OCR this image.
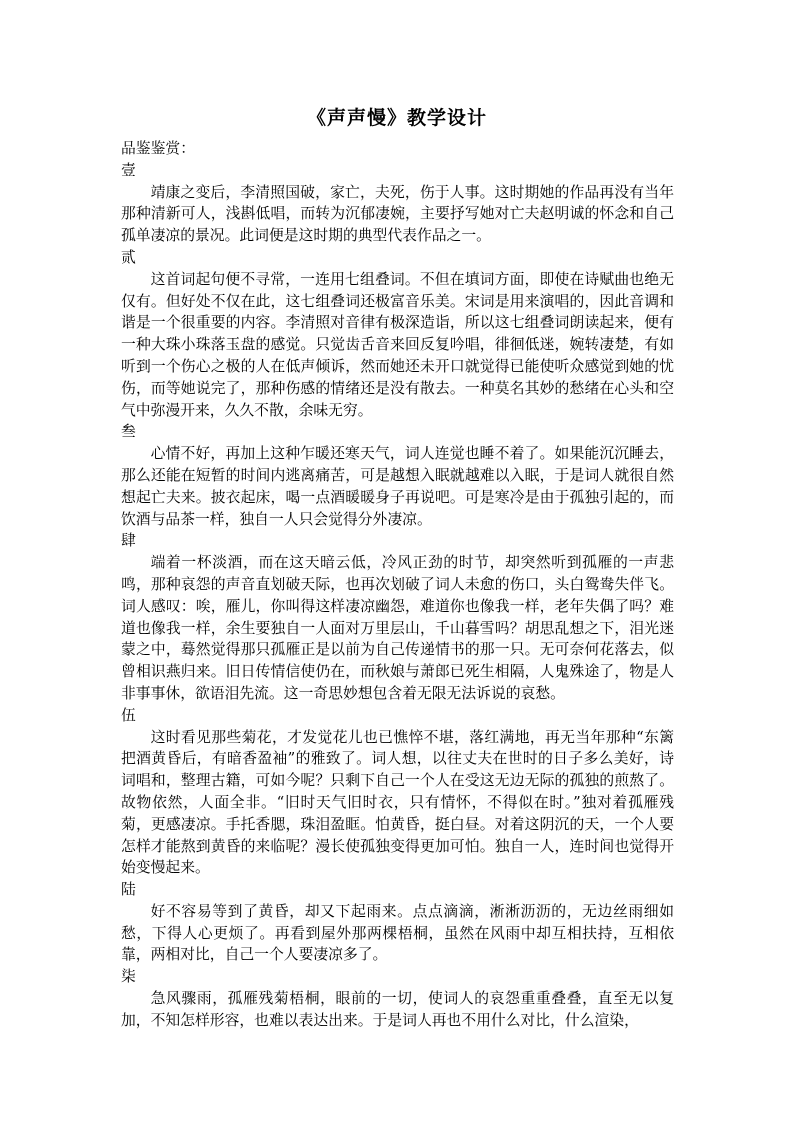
《声声慢》教学设计

品鉴鉴赏：

壹

靖康之变后，李清照国破，家亡，夫死，伤于人事。这时期她的作品再没有当年那种清新可人，浅斟低唱，而转为沉郁凄婉，主要抒写她对亡夫赵明诚的怀念和自己孤单凄凉的景况。此词便是这时期的典型代表作品之一。

贰

这首词起句便不寻常，一连用七组叠词。不但在填词方面，即使在诗赋曲也绝无仅有。但好处不仅在此，这七组叠词还极富音乐美。宋词是用来演唱的，因此音调和谐是一个很重要的内容。李清照对音律有极深造诣，所以这七组叠词朗读起来，便有一种大珠小珠落玉盘的感觉。只觉齿舌音来回反复吟唱，徘徊低迷，婉转凄楚，有如听到一个伤心之极的人在低声倾诉，然而她还未开口就觉得已能使听众感觉到她的忧伤，而等她说完了，那种伤感的情绪还是没有散去。一种莫名其妙的愁绪在心头和空气中弥漫开来，久久不散，余味无穷。

叁

心情不好，再加上这种乍暖还寒天气，词人连觉也睡不着了。如果能沉沉睡去，那么还能在短暂的时间内逃离痛苦，可是越想入眠就越难以入眠，于是词人就很自然想起亡夫来。披衣起床，喝一点酒暖暖身子再说吧。可是寒冷是由于孤独引起的，而饮酒与品茶一样，独自一人只会觉得分外凄凉。

肆

端着一杯淡酒，而在这天暗云低，冷风正劲的时节，却突然听到孤雁的一声悲鸣，那种哀怨的声音直划破天际，也再次划破了词人未愈的伤口，头白鸳鸯失伴飞。词人感叹：唉，雁儿，你叫得这样凄凉幽怨，难道你也像我一样，老年失偶了吗？难道也像我一样，余生要独自一人面对万里层山，千山暮雪吗？胡思乱想之下，泪光迷蒙之中，蓦然觉得那只孤雁正是以前为自己传递情书的那一只。无可奈何花落去，似曾相识燕归来。旧日传情信使仍在，而秋娘与萧郎已死生相隔，人鬼殊途了，物是人非事事休，欲语泪先流。这一奇思妙想包含着无限无法诉说的哀愁。

伍

这时看见那些菊花，才发觉花儿也已憔悴不堪，落红满地，再无当年那种“东篱把酒黄昏后，有暗香盈袖”的雅致了。词人想，以往丈夫在世时的日子多么美好，诗词唱和，整理古籍，可如今呢？只剩下自己一个人在受这无边无际的孤独的煎熬了。故物依然，人面全非。“旧时天气旧时衣，只有情怀，不得似在时。”独对着孤雁残菊，更感凄凉。手托香腮，珠泪盈眶。怕黄昏，挺白昼。对着这阴沉的天，一个人要怎样才能熬到黄昏的来临呢？漫长使孤独变得更加可怕。独自一人，连时间也觉得开始变慢起来。

陆

好不容易等到了黄昏，却又下起雨来。点点滴滴，淅淅沥沥的，无边丝雨细如愁，下得人心更烦了。再看到屋外那两棵梧桐，虽然在风雨中却互相扶持，互相依靠，两相对比，自己一个人要凄凉多了。

柒

急风骤雨，孤雁残菊梧桐，眼前的一切，使词人的哀怨重重叠叠，直至无以复加，不知怎样形容，也难以表达出来。于是词人再也不用什么对比，什么渲染，
